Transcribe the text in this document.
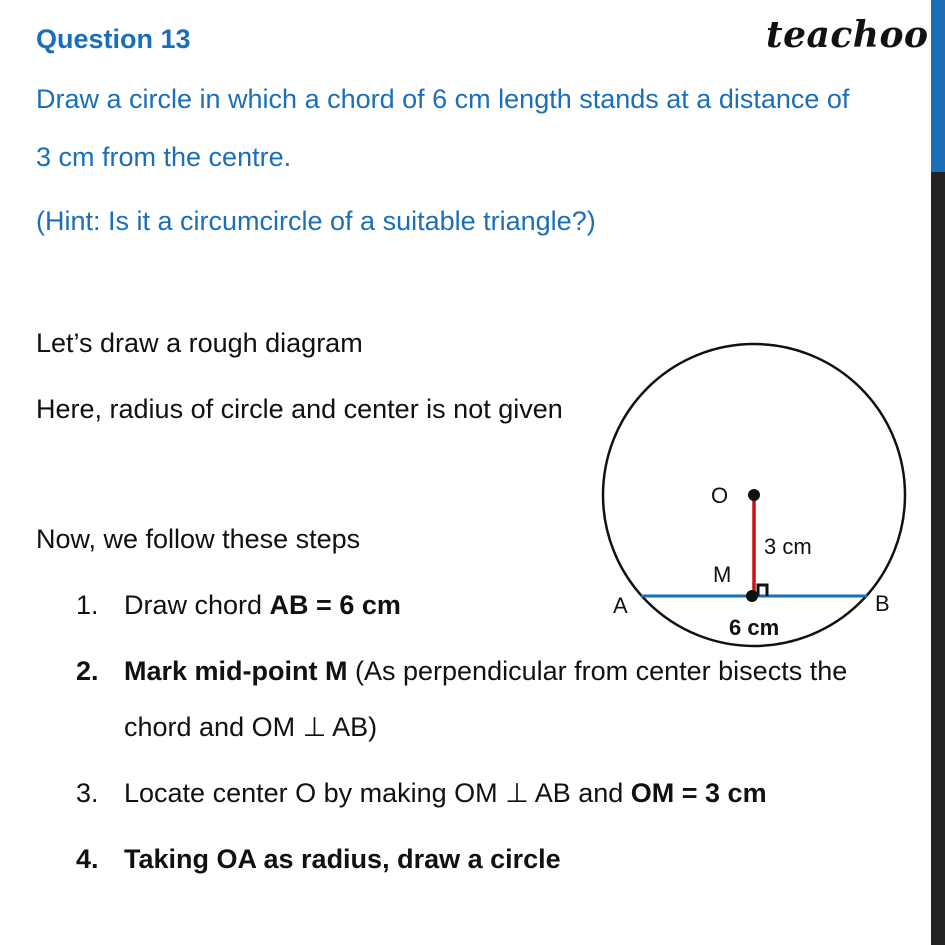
Question 13	teachoo
Draw a circle in which a chord of 6 cm length stands at a distance of
3 cm from the centre.
(Hint: Is it a circumcircle of a suitable triangle?)
Let’s draw a rough diagram
Here, radius of circle and center is not given
Now, we follow these steps
1. Draw chord AB = 6 cm
2. Mark mid-point M (As perpendicular from center bisects the
chord and OM ⊥ AB)
3. Locate center O by making OM ⊥ AB and OM = 3 cm
4. Taking OA as radius, draw a circle
O
M
A	B
3 cm
6 cm
